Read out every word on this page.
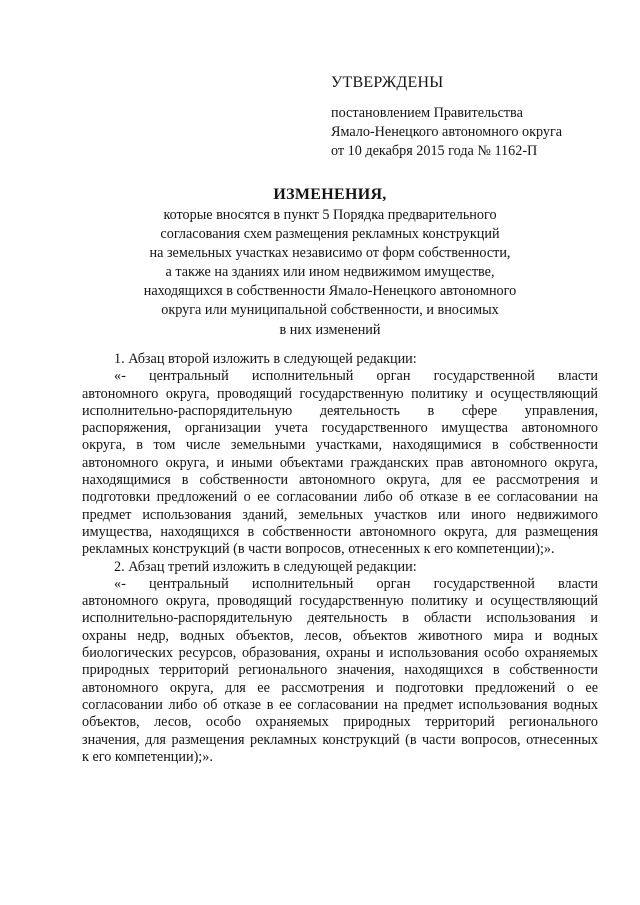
УТВЕРЖДЕНЫ
постановлением Правительства
Ямало-Ненецкого автономного округа
от 10 декабря 2015 года № 1162-П
ИЗМЕНЕНИЯ,
которые вносятся в пункт 5 Порядка предварительного
согласования схем размещения рекламных конструкций
на земельных участках независимо от форм собственности,
а также на зданиях или ином недвижимом имуществе,
находящихся в собственности Ямало-Ненецкого автономного
округа или муниципальной собственности, и вносимых
в них изменений
1. Абзац второй изложить в следующей редакции:
«- центральный исполнительный орган государственной власти
автономного округа, проводящий государственную политику и осуществляющий
исполнительно-распорядительную деятельность в сфере управления,
распоряжения, организации учета государственного имущества автономного
округа, в том числе земельными участками, находящимися в собственности
автономного округа, и иными объектами гражданских прав автономного округа,
находящимися в собственности автономного округа, для ее рассмотрения и
подготовки предложений о ее согласовании либо об отказе в ее согласовании на
предмет использования зданий, земельных участков или иного недвижимого
имущества, находящихся в собственности автономного округа, для размещения
рекламных конструкций (в части вопросов, отнесенных к его компетенции);».
2. Абзац третий изложить в следующей редакции:
«- центральный исполнительный орган государственной власти
автономного округа, проводящий государственную политику и осуществляющий
исполнительно-распорядительную деятельность в области использования и
охраны недр, водных объектов, лесов, объектов животного мира и водных
биологических ресурсов, образования, охраны и использования особо охраняемых
природных территорий регионального значения, находящихся в собственности
автономного округа, для ее рассмотрения и подготовки предложений о ее
согласовании либо об отказе в ее согласовании на предмет использования водных
объектов, лесов, особо охраняемых природных территорий регионального
значения, для размещения рекламных конструкций (в части вопросов, отнесенных
к его компетенции);».
